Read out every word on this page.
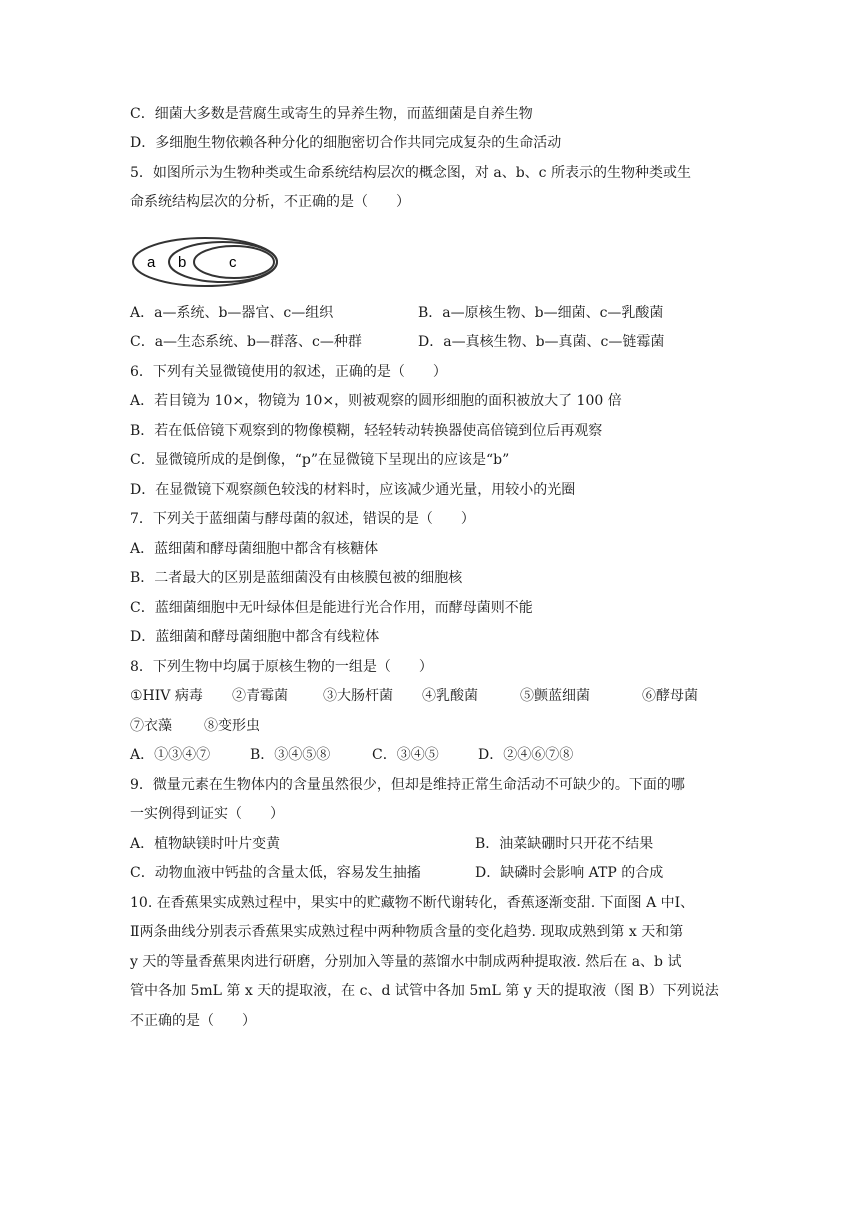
C．细菌大多数是营腐生或寄生的异养生物，而蓝细菌是自养生物
D．多细胞生物依赖各种分化的细胞密切合作共同完成复杂的生命活动
5．如图所示为生物种类或生命系统结构层次的概念图，对 a、b、c 所表示的生物种类或生
命系统结构层次的分析，不正确的是（　　）
a b	c
A．a—系统、b—器官、c—组织	B．a—原核生物、b—细菌、c—乳酸菌
C．a—生态系统、b—群落、c—种群	D．a—真核生物、b—真菌、c—链霉菌
6．下列有关显微镜使用的叙述，正确的是（　　）
A．若目镜为 10×，物镜为 10×，则被观察的圆形细胞的面积被放大了 100 倍
B．若在低倍镜下观察到的物像模糊，轻轻转动转换器使高倍镜到位后再观察
C．显微镜所成的是倒像，“p”在显微镜下呈现出的应该是“b”
D．在显微镜下观察颜色较浅的材料时，应该减少通光量，用较小的光圈
7．下列关于蓝细菌与酵母菌的叙述，错误的是（　　）
A．蓝细菌和酵母菌细胞中都含有核糖体
B．二者最大的区别是蓝细菌没有由核膜包被的细胞核
C．蓝细菌细胞中无叶绿体但是能进行光合作用，而酵母菌则不能
D．蓝细菌和酵母菌细胞中都含有线粒体
8．下列生物中均属于原核生物的一组是（　　）
①HIV 病毒 ②青霉菌	③大肠杆菌 ④乳酸菌	⑤颤蓝细菌	⑥酵母菌
⑦衣藻 ⑧变形虫
A．①③④⑦	B．③④⑤⑧	C．③④⑤	D．②④⑥⑦⑧
9．微量元素在生物体内的含量虽然很少，但却是维持正常生命活动不可缺少的。下面的哪
一实例得到证实（　　）
A．植物缺镁时叶片变黄	B．油菜缺硼时只开花不结果
C．动物血液中钙盐的含量太低，容易发生抽搐	D．缺磷时会影响 ATP 的合成
10. 在香蕉果实成熟过程中，果实中的贮藏物不断代谢转化，香蕉逐渐变甜. 下面图 A 中Ⅰ、
Ⅱ两条曲线分别表示香蕉果实成熟过程中两种物质含量的变化趋势. 现取成熟到第 x 天和第
y 天的等量香蕉果肉进行研磨，分别加入等量的蒸馏水中制成两种提取液. 然后在 a、b 试
管中各加 5mL 第 x 天的提取液，在 c、d 试管中各加 5mL 第 y 天的提取液（图 B）下列说法
不正确的是（　　）
